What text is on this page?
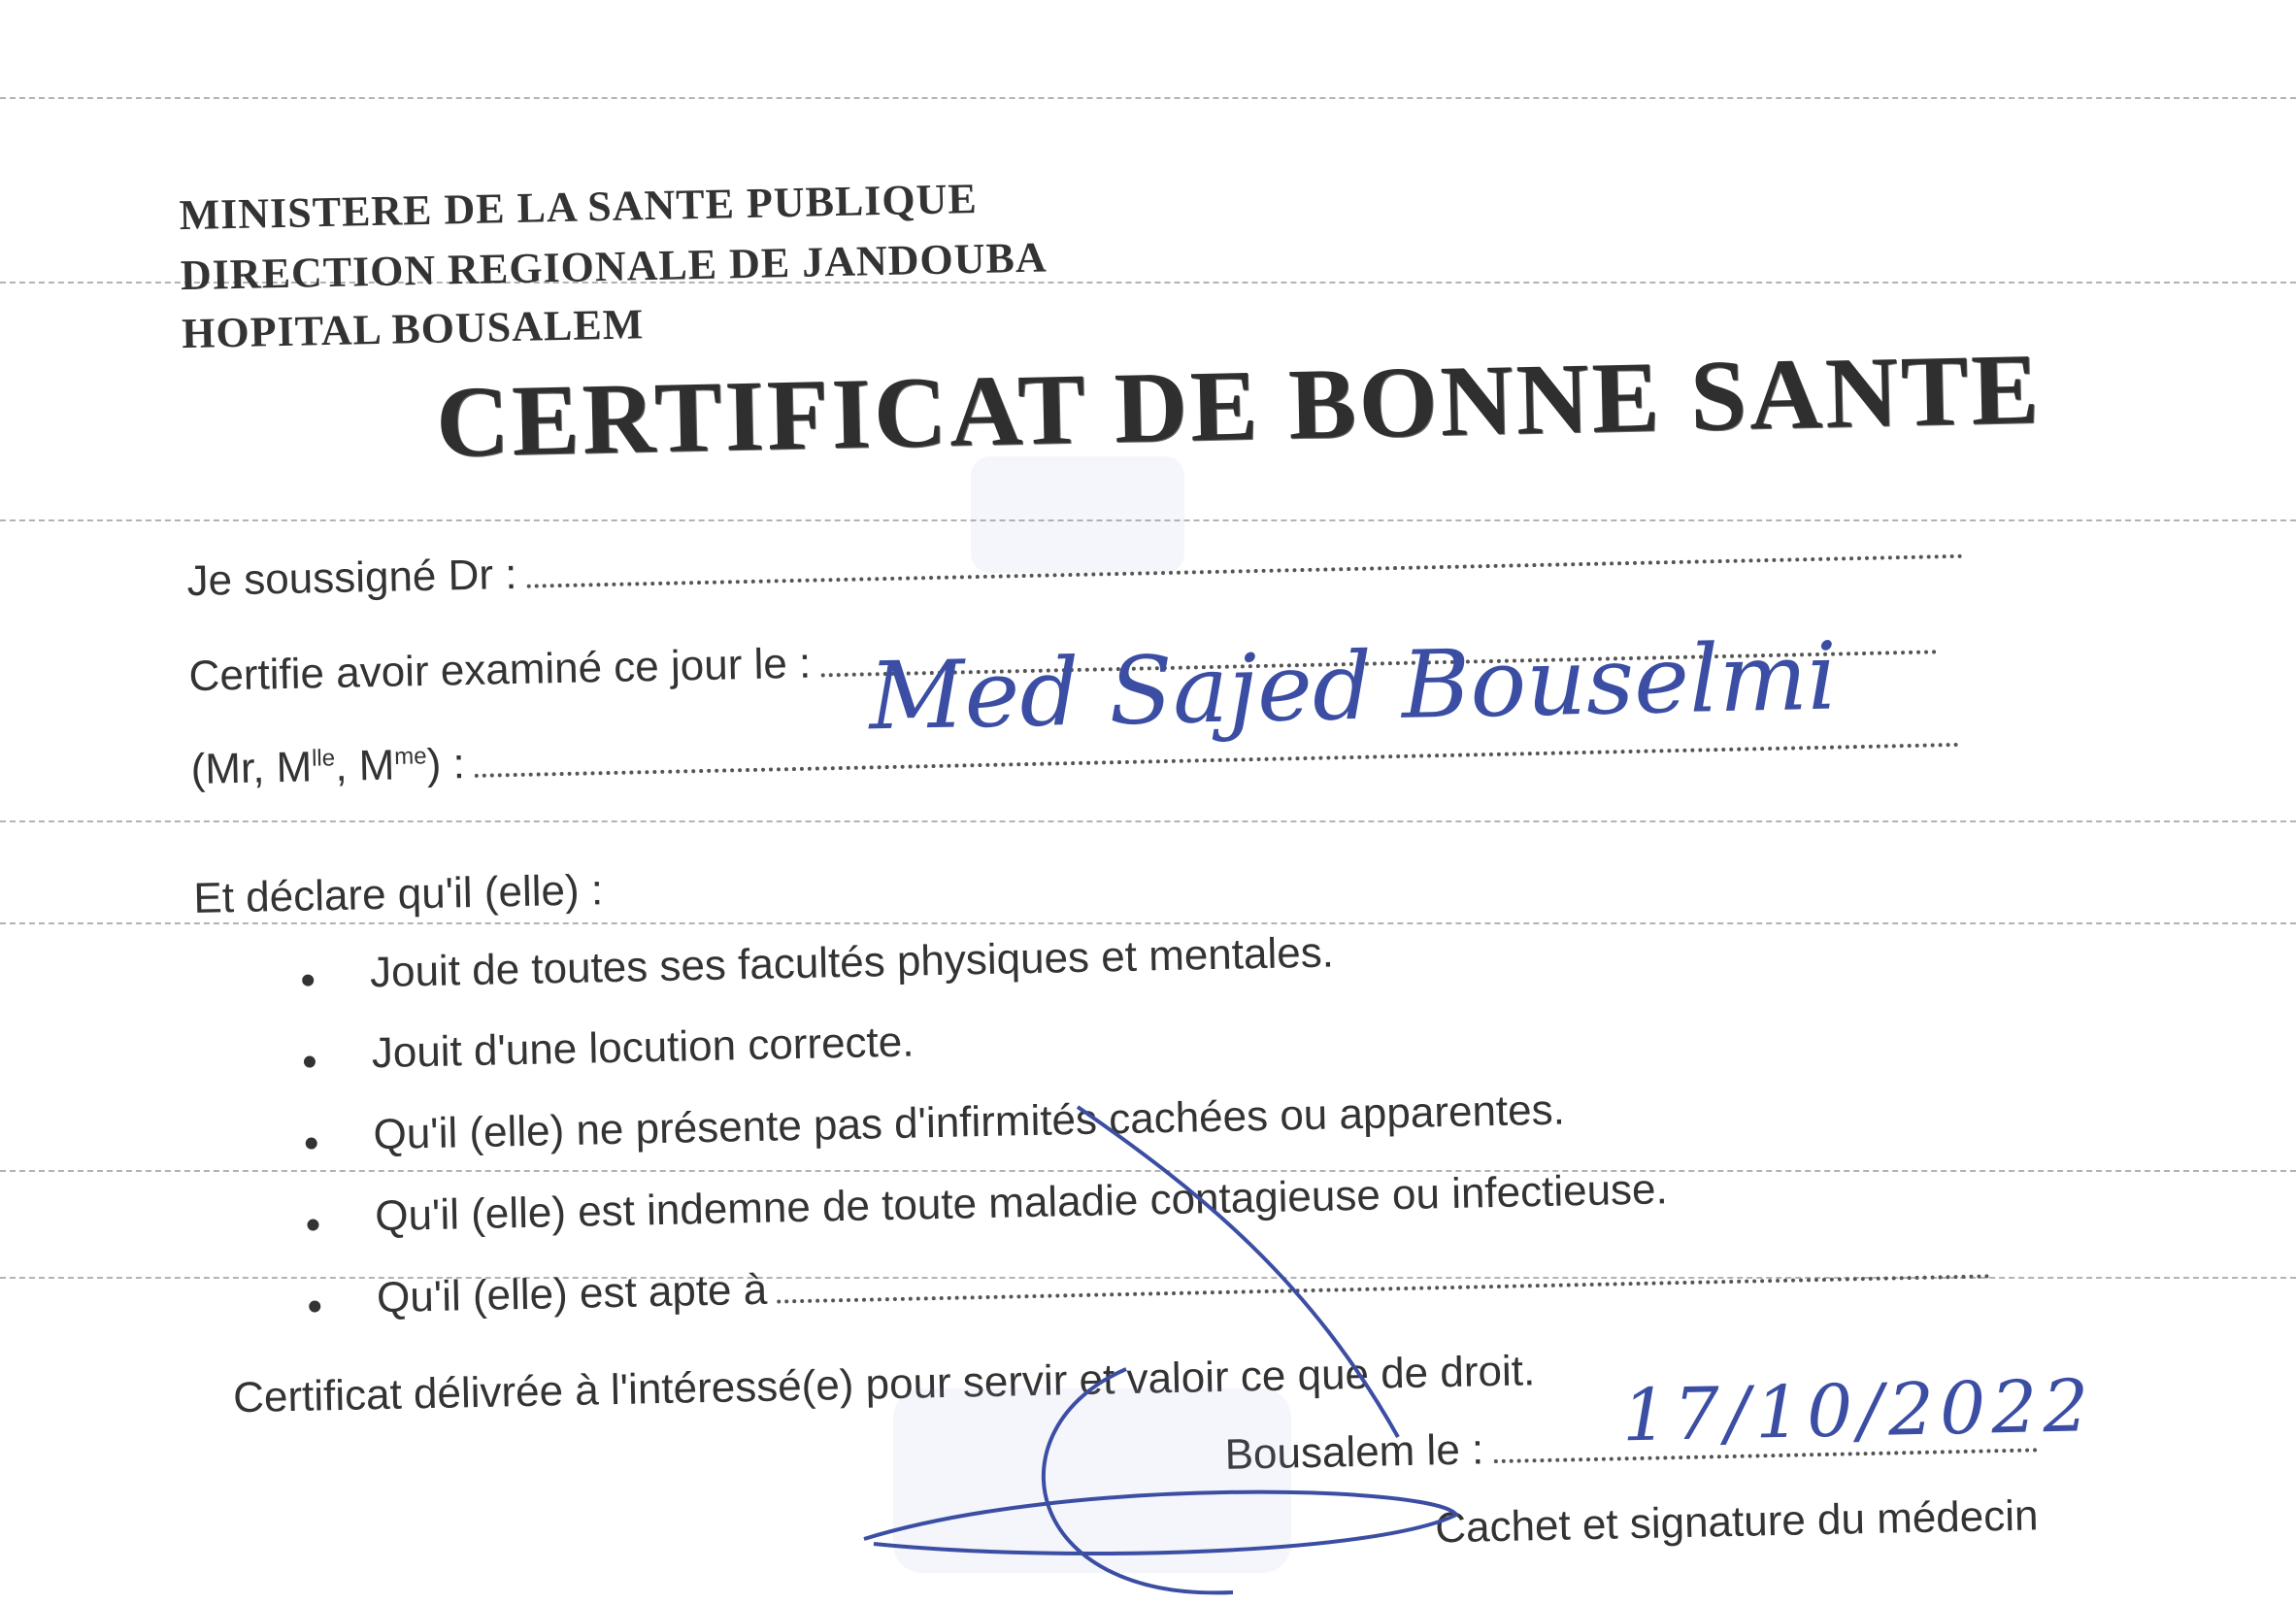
MINISTERE DE LA SANTE PUBLIQUE
DIRECTION REGIONALE DE JANDOUBA
HOPITAL BOUSALEM
CERTIFICAT DE BONNE SANTE
Je soussigné Dr :
Certifie avoir examiné ce jour le :
(Mr, $M^{lle}$, $M^{me}$) :
Med Sajed Bouselmi
Et déclare qu'il (elle) :
Jouit de toutes ses facultés physiques et mentales.
Jouit d'une locution correcte.
Qu'il (elle) ne présente pas d'infirmités cachées ou apparentes.
Qu'il (elle) est indemne de toute maladie contagieuse ou infectieuse.
Qu'il (elle) est apte à
Certificat délivrée à l'intéressé(e) pour servir et valoir ce que de droit.
Bousalem le :	17/10/2022
Cachet et signature du médecin
